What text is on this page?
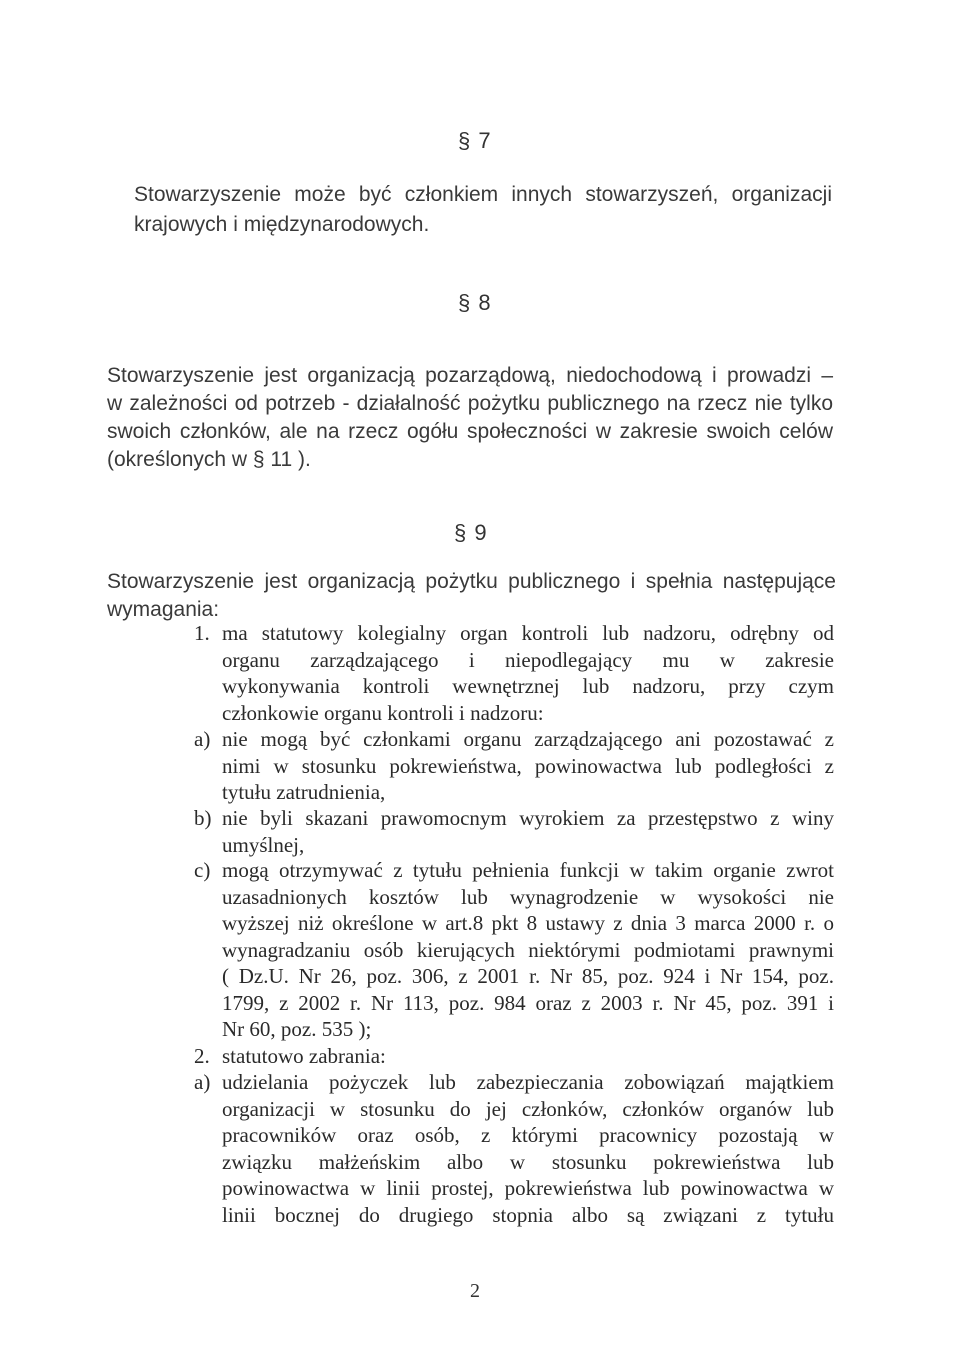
§ 7
Stowarzyszenie może być członkiem innych stowarzyszeń, organizacji
krajowych i międzynarodowych.
§ 8
Stowarzyszenie jest organizacją pozarządową, niedochodową i prowadzi –
w zależności od potrzeb - działalność pożytku publicznego na rzecz nie tylko
swoich członków, ale na rzecz ogółu społeczności w zakresie swoich celów
(określonych w § 11 ).
§ 9
Stowarzyszenie jest organizacją pożytku publicznego i spełnia następujące
wymagania:
1. ma statutowy kolegialny organ kontroli lub nadzoru, odrębny od
organu zarządzającego i niepodlegający mu w zakresie
wykonywania kontroli wewnętrznej lub nadzoru, przy czym
członkowie organu kontroli i nadzoru:
a) nie mogą być członkami organu zarządzającego ani pozostawać z
nimi w stosunku pokrewieństwa, powinowactwa lub podległości z
tytułu zatrudnienia,
b) nie byli skazani prawomocnym wyrokiem za przestępstwo z winy
umyślnej,
c) mogą otrzymywać z tytułu pełnienia funkcji w takim organie zwrot
uzasadnionych kosztów lub wynagrodzenie w wysokości nie
wyższej niż określone w art.8 pkt 8 ustawy z dnia 3 marca 2000 r. o
wynagradzaniu osób kierujących niektórymi podmiotami prawnymi
( Dz.U. Nr 26, poz. 306, z 2001 r. Nr 85, poz. 924 i Nr 154, poz.
1799, z 2002 r. Nr 113, poz. 984 oraz z 2003 r. Nr 45, poz. 391 i
Nr 60, poz. 535 );
2. statutowo zabrania:
a) udzielania pożyczek lub zabezpieczania zobowiązań majątkiem
organizacji w stosunku do jej członków, członków organów lub
pracowników oraz osób, z którymi pracownicy pozostają w
związku małżeńskim albo w stosunku pokrewieństwa lub
powinowactwa w linii prostej, pokrewieństwa lub powinowactwa w
linii bocznej do drugiego stopnia albo są związani z tytułu
2
